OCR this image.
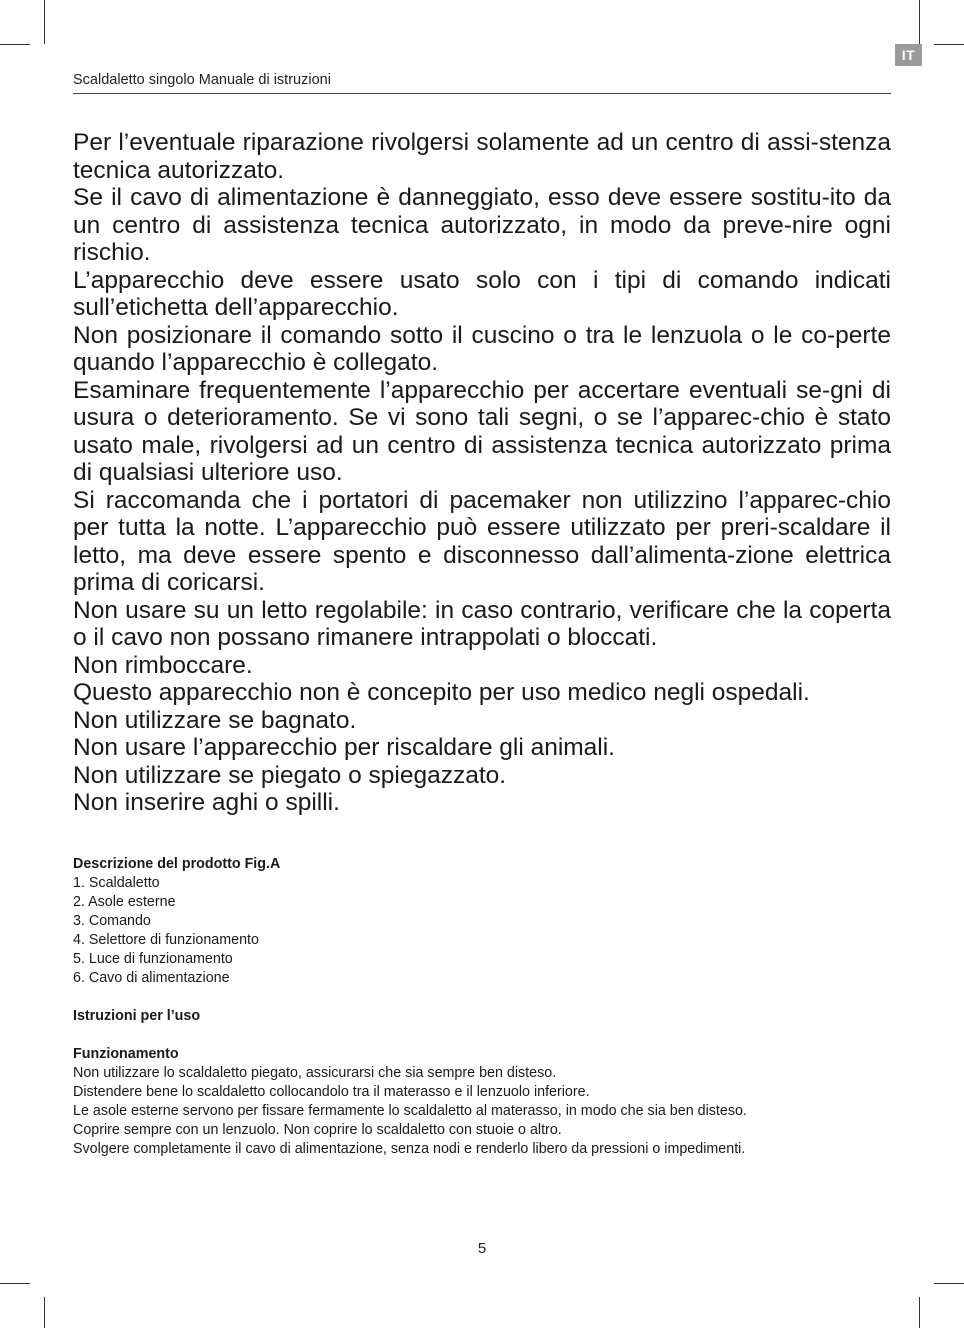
IT
Scaldaletto singolo Manuale di istruzioni

Per l’eventuale riparazione rivolgersi solamente ad un centro di assi-stenza tecnica autorizzato.

Se il cavo di alimentazione è danneggiato, esso deve essere sostitu-ito da un centro di assistenza tecnica autorizzato, in modo da preve-nire ogni rischio.

L’apparecchio deve essere usato solo con i tipi di comando indicati sull’etichetta dell’apparecchio.

Non posizionare il comando sotto il cuscino o tra le lenzuola o le co-perte quando l’apparecchio è collegato.

Esaminare frequentemente l’apparecchio per accertare eventuali se-gni di usura o deterioramento. Se vi sono tali segni, o se l’apparec-chio è stato usato male, rivolgersi ad un centro di assistenza tecnica autorizzato prima di qualsiasi ulteriore uso.

Si raccomanda che i portatori di pacemaker non utilizzino l’apparec-chio per tutta la notte. L’apparecchio può essere utilizzato per preri-scaldare il letto, ma deve essere spento e disconnesso dall’alimenta-zione elettrica prima di coricarsi.

Non usare su un letto regolabile: in caso contrario, verificare che la coperta o il cavo non possano rimanere intrappolati o bloccati.

Non rimboccare.

Questo apparecchio non è concepito per uso medico negli ospedali.

Non utilizzare se bagnato.

Non usare l’apparecchio per riscaldare gli animali.

Non utilizzare se piegato o spiegazzato.

Non inserire aghi o spilli.

Descrizione del prodotto Fig.A

1. Scaldaletto

2. Asole esterne

3. Comando

4. Selettore di funzionamento

5. Luce di funzionamento

6. Cavo di alimentazione

Istruzioni per l’uso

Funzionamento

Non utilizzare lo scaldaletto piegato, assicurarsi che sia sempre ben disteso.

Distendere bene lo scaldaletto collocandolo tra il materasso e il lenzuolo inferiore.

Le asole esterne servono per fissare fermamente lo scaldaletto al materasso, in modo che sia ben disteso.

Coprire sempre con un lenzuolo. Non coprire lo scaldaletto con stuoie o altro.

Svolgere completamente il cavo di alimentazione, senza nodi e renderlo libero da pressioni o impedimenti.

5
